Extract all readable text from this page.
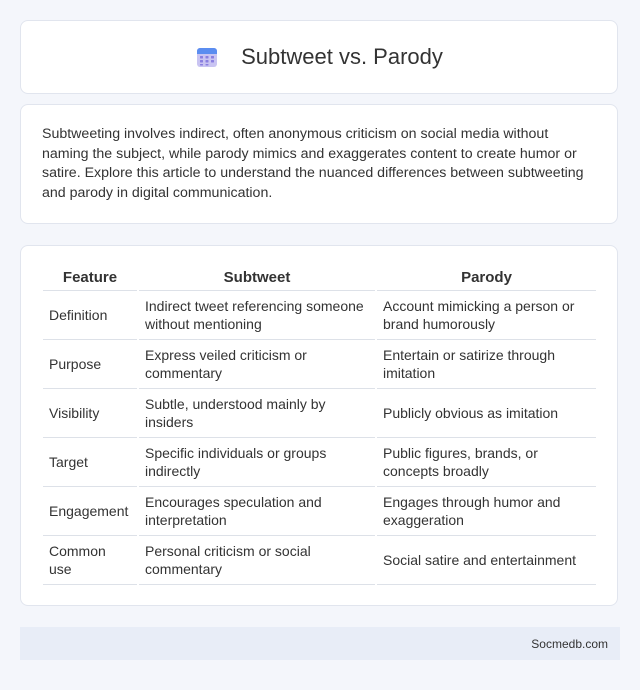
Subtweet vs. Parody

Subtweeting involves indirect, often anonymous criticism on social media without naming the subject, while parody mimics and exaggerates content to create humor or satire. Explore this article to understand the nuanced differences between subtweeting and parody in digital communication.

Feature	Subtweet	Parody
Definition	Indirect tweet referencing someone without mentioning	Account mimicking a person or brand humorously
Purpose	Express veiled criticism or commentary	Entertain or satirize through imitation
Visibility	Subtle, understood mainly by insiders	Publicly obvious as imitation
Target	Specific individuals or groups indirectly	Public figures, brands, or concepts broadly
Engagement	Encourages speculation and interpretation	Engages through humor and exaggeration
Common use	Personal criticism or social commentary	Social satire and entertainment
Socmedb.com
